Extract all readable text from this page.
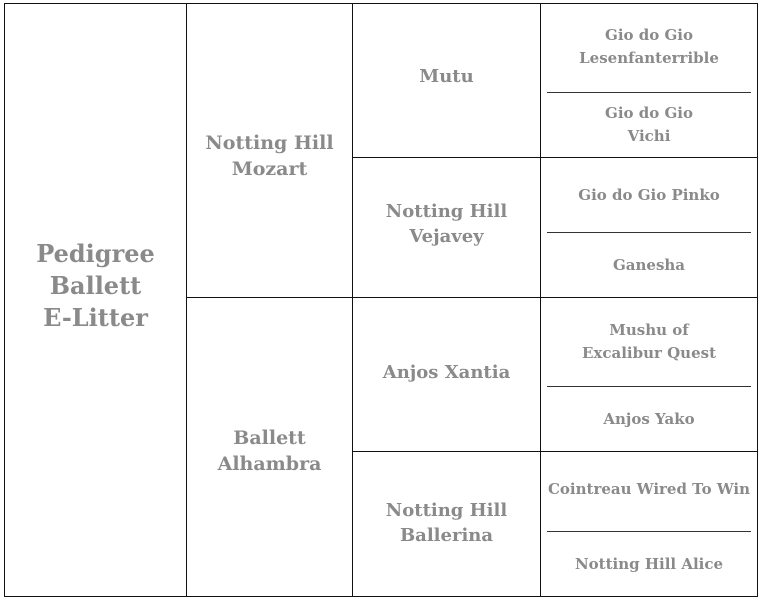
Pedigree
Ballett
E-Litter
Notting Hill
Mozart
Ballett
Alhambra
Mutu
Notting Hill
Vejavey
Anjos Xantia
Notting Hill
Ballerina
Gio do Gio
Lesenfanterrible
Gio do Gio
Vichi
Gio do Gio Pinko
Ganesha
Mushu of
Excalibur Quest
Anjos Yako
Cointreau Wired To Win
Notting Hill Alice
